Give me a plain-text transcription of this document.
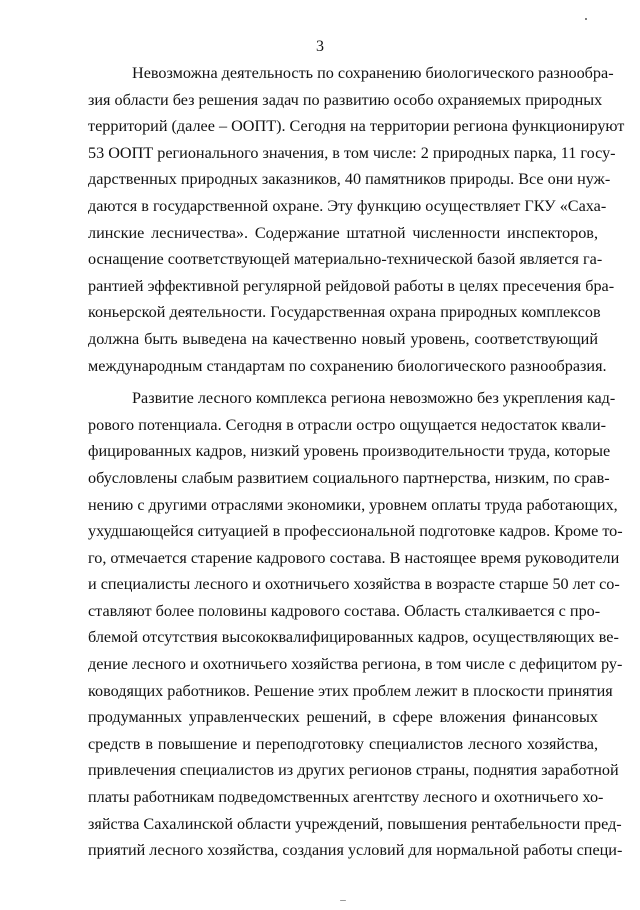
3
Невозможна деятельность по сохранению биологического разнообра-
зия области без решения задач по развитию особо охраняемых природных
территорий (далее – ООПТ). Сегодня на территории региона функционируют
53 ООПТ регионального значения, в том числе: 2 природных парка, 11 госу-
дарственных природных заказников, 40 памятников природы. Все они нуж-
даются в государственной охране. Эту функцию осуществляет ГКУ «Саха-
линские лесничества». Содержание штатной численности инспекторов,
оснащение соответствующей материально-технической базой является га-
рантией эффективной регулярной рейдовой работы в целях пресечения бра-
коньерской деятельности. Государственная охрана природных комплексов
должна быть выведена на качественно новый уровень, соответствующий
международным стандартам по сохранению биологического разнообразия.
Развитие лесного комплекса региона невозможно без укрепления кад-
рового потенциала. Сегодня в отрасли остро ощущается недостаток квали-
фицированных кадров, низкий уровень производительности труда, которые
обусловлены слабым развитием социального партнерства, низким, по срав-
нению с другими отраслями экономики, уровнем оплаты труда работающих,
ухудшающейся ситуацией в профессиональной подготовке кадров. Кроме то-
го, отмечается старение кадрового состава. В настоящее время руководители
и специалисты лесного и охотничьего хозяйства в возрасте старше 50 лет со-
ставляют более половины кадрового состава. Область сталкивается с про-
блемой отсутствия высококвалифицированных кадров, осуществляющих ве-
дение лесного и охотничьего хозяйства региона, в том числе с дефицитом ру-
ководящих работников. Решение этих проблем лежит в плоскости принятия
продуманных управленческих решений, в сфере вложения финансовых
средств в повышение и переподготовку специалистов лесного хозяйства,
привлечения специалистов из других регионов страны, поднятия заработной
платы работникам подведомственных агентству лесного и охотничьего хо-
зяйства Сахалинской области учреждений, повышения рентабельности пред-
приятий лесного хозяйства, создания условий для нормальной работы специ-
